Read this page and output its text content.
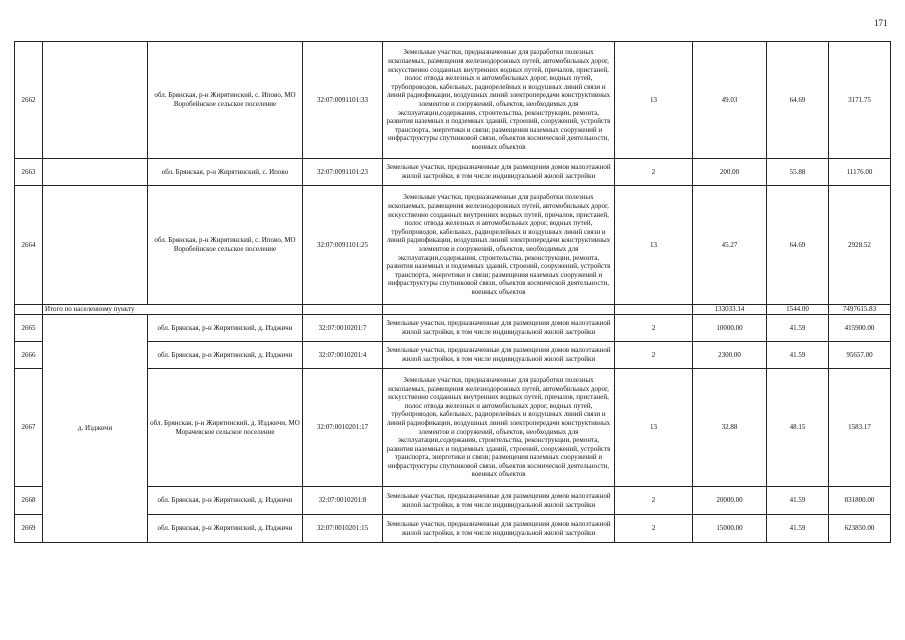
171
2662		обл. Брянская, р-н Жирятинский, с. Иповo, МО Воробейнское сельское поселение	32:07:0091101:33	Земельные участки, предназначенные для разработки полезных ископаемых, размещения железнодорожных путей, автомобильных дорог, искусственно созданных внутренних водных путей, причалов, пристаней, полос отвода железных и автомобильных дорог, водных путей, трубопроводов, кабельных, радиорелейных и воздушных линий связи и линий радиофикации, воздушных линий электропередачи конструктивных элементов и сооружений, объектов, необходимых для эксплуатации,содержания, строительства, реконструкции, ремонта, развития наземных и подземных зданий, строений, сооружений, устройств транспорта, энергетики и связи; размещения наземных сооружений и инфраструктуры спутниковой связи, объектов космической деятельности, военных объектов	13	49.03	64.69	3171.75
2663		обл. Брянская, р-н Жирятинский, с. Иповo	32:07:0091101:23	Земельные участки, предназначенные для размещения домов малоэтажной жилой застройки, в том числе индивидуальной жилой застройки	2	200.00	55.88	11176.00
2664		обл. Брянская, р-н Жирятинский, с. Иповo, МО Воробейнское сельское поселение	32:07:0091101:25	Земельные участки, предназначенные для разработки полезных ископаемых, размещения железнодорожных путей, автомобильных дорог, искусственно созданных внутренних водных путей, причалов, пристаней, полос отвода железных и автомобильных дорог, водных путей, трубопроводов, кабельных, радиорелейных и воздушных линий связи и линий радиофикации, воздушных линий электропередачи конструктивных элементов и сооружений, объектов, необходимых для эксплуатации,содержания, строительства, реконструкции, ремонта, развития наземных и подземных зданий, строений, сооружений, устройств транспорта, энергетики и связи; размещения наземных сооружений и инфраструктуры спутниковой связи, объектов космической деятельности, военных объектов	13	45.27	64.69	2928.52
	Итого по населенному пункту					133033.14	1544.00	7497615.83
2665	д. Изджичи	обл. Брянская, р-н Жирятинский, д. Изджичи	32:07:0010201:7	Земельные участки, предназначенные для размещения домов малоэтажной жилой застройки, в том числе индивидуальной жилой застройки	2	10000.00	41.59	415900.00
2666		обл. Брянская, р-н Жирятинский, д. Изджичи	32:07:0010201:4	Земельные участки, предназначенные для размещения домов малоэтажной жилой застройки, в том числе индивидуальной жилой застройки	2	2300.00	41.59	95657.00
2667		обл. Брянская, р-н Жирятинский, д. Изджичи, МО Морачевское сельское поселение	32:07:0010201:17	Земельные участки, предназначенные для разработки полезных ископаемых, размещения железнодорожных путей, автомобильных дорог, искусственно созданных внутренних водных путей, причалов, пристаней, полос отвода железных и автомобильных дорог, водных путей, трубопроводов, кабельных, радиорелейных и воздушных линий связи и линий радиофикации, воздушных линий электропередачи конструктивных элементов и сооружений, объектов, необходимых для эксплуатации,содержания, строительства, реконструкции, ремонта, развития наземных и подземных зданий, строений, сооружений, устройств транспорта, энергетики и связи; размещения наземных сооружений и инфраструктуры спутниковой связи, объектов космической деятельности, военных объектов	13	32.88	48.15	1583.17
2668		обл. Брянская, р-н Жирятинский, д. Изджичи	32:07:0010201:8	Земельные участки, предназначенные для размещения домов малоэтажной жилой застройки, в том числе индивидуальной жилой застройки	2	20000.00	41.59	831800.00
2669		обл. Брянская, р-н Жирятинский, д. Изджичи	32:07:0010201:15	Земельные участки, предназначенные для размещения домов малоэтажной жилой застройки, в том числе индивидуальной жилой застройки	2	15000.00	41.59	623850.00
